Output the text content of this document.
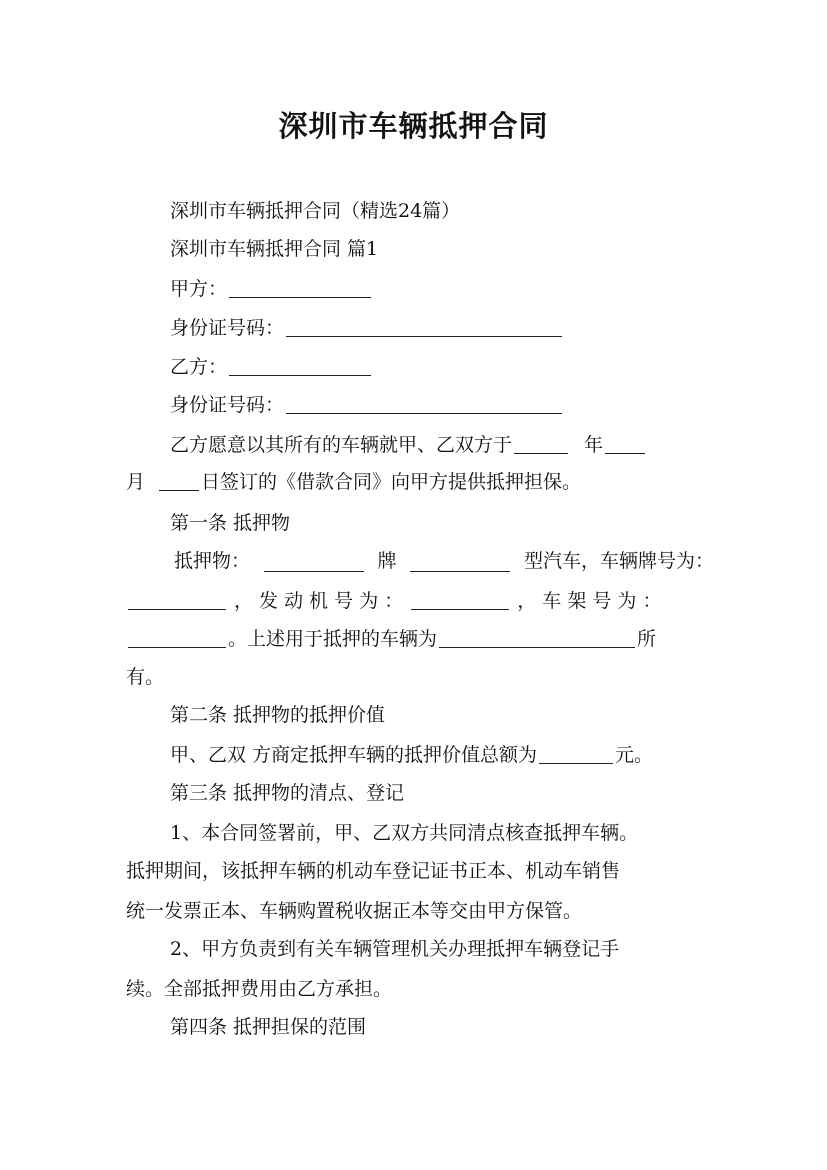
深圳市车辆抵押合同
深圳市车辆抵押合同（精选24篇）
深圳市车辆抵押合同 篇1
甲方：
身份证号码：
乙方：
身份证号码：
乙方愿意以其所有的车辆就甲、乙双方于	年
月	日签订的《借款合同》向甲方提供抵押担保。
第一条 抵押物
抵押物：	牌	型汽车，车辆牌号为：
， 发 动 机 号 为 ：	， 车 架 号 为 ：
。上述用于抵押的车辆为	所
有。
第二条 抵押物的抵押价值
甲、乙双 方商定抵押车辆的抵押价值总额为	元。
第三条 抵押物的清点、登记
1、本合同签署前，甲、乙双方共同清点核查抵押车辆。
抵押期间，该抵押车辆的机动车登记证书正本、机动车销售
统一发票正本、车辆购置税收据正本等交由甲方保管。
2、甲方负责到有关车辆管理机关办理抵押车辆登记手
续。全部抵押费用由乙方承担。
第四条 抵押担保的范围
